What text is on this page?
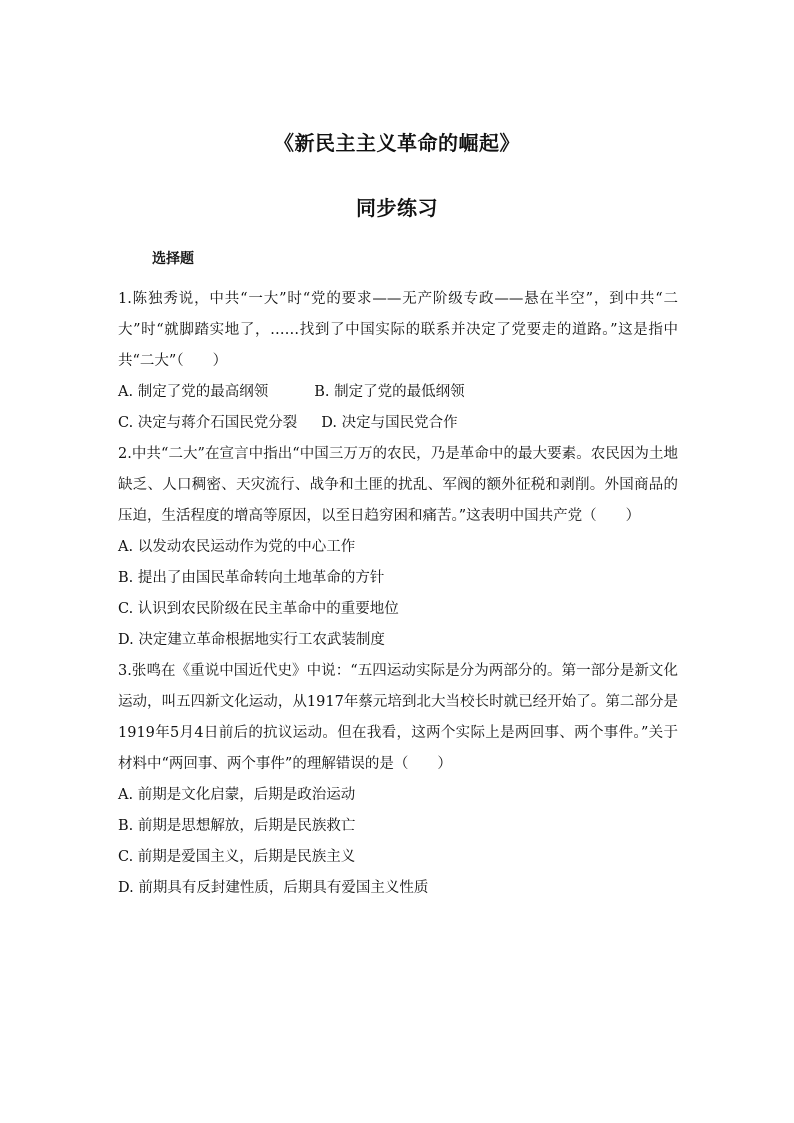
《新民主主义革命的崛起》
同步练习
选择题

1.陈独秀说，中共“一大”时“党的要求——无产阶级专政——悬在半空”，到中共“二大”时“就脚踏实地了，……找到了中国实际的联系并决定了党要走的道路。”这是指中共“二大”（　　）

A. 制定了党的最高纲领	B. 制定了党的最低纲领

C. 决定与蒋介石国民党分裂 D. 决定与国民党合作

2.中共“二大”在宣言中指出“中国三万万的农民，乃是革命中的最大要素。农民因为土地缺乏、人口稠密、天灾流行、战争和土匪的扰乱、军阀的额外征税和剥削。外国商品的压迫，生活程度的增高等原因，以至日趋穷困和痛苦。”这表明中国共产党（　　）

A. 以发动农民运动作为党的中心工作

B. 提出了由国民革命转向土地革命的方针

C. 认识到农民阶级在民主革命中的重要地位

D. 决定建立革命根据地实行工农武装制度

3.张鸣在《重说中国近代史》中说：“五四运动实际是分为两部分的。第一部分是新文化运动，叫五四新文化运动，从1917年蔡元培到北大当校长时就已经开始了。第二部分是1919年5月4日前后的抗议运动。但在我看，这两个实际上是两回事、两个事件。”关于材料中“两回事、两个事件”的理解错误的是（　　）

A. 前期是文化启蒙，后期是政治运动

B. 前期是思想解放，后期是民族救亡

C. 前期是爱国主义，后期是民族主义

D. 前期具有反封建性质，后期具有爱国主义性质
